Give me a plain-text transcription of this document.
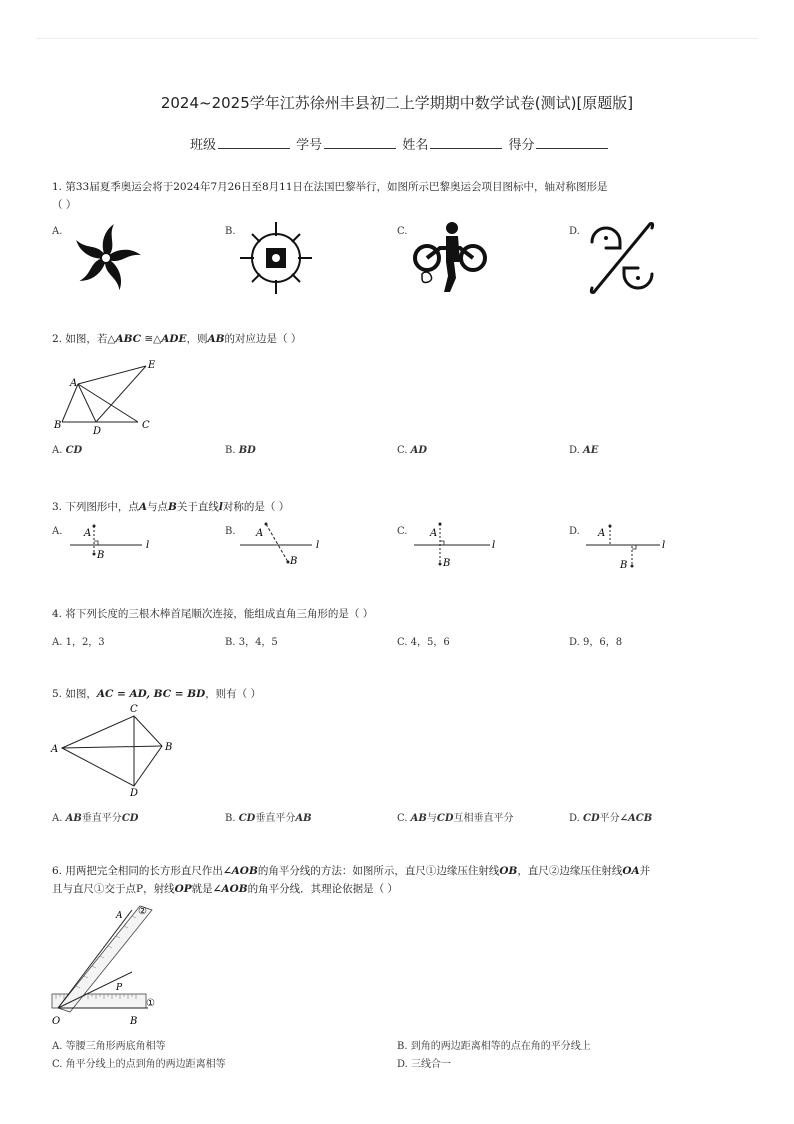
2024~2025学年江苏徐州丰县初二上学期期中数学试卷(测试)[原题版]
班级	学号	姓名	得分
1. 第33届夏季奥运会将于2024年7月26日至8月11日在法国巴黎举行，如图所示巴黎奥运会项目图标中，轴对称图形是
（ ）
A.	B.	C.	D.
2. 如图，若△ABC ≅△ADE，则AB的对应边是（ ）
A
E
B
D
C
A. CD	B. BD	C. AD	D. AE
3. 下列图形中，点A与点B关于直线l对称的是（ ）
A.	B.	C.	D.
A
B
l
A
B
l
A
B
l
A
B
l
4. 将下列长度的三根木棒首尾顺次连接，能组成直角三角形的是（ ）
A. 1，2，3	B. 3，4，5	C. 4，5，6	D. 9，6，8
5. 如图，AC = AD, BC = BD，则有（ ）
A
C
B
D
A. AB垂直平分CD	B. CD垂直平分AB	C. AB与CD互相垂直平分	D. CD平分∠ACB
6. 用两把完全相同的长方形直尺作出∠AOB的角平分线的方法：如图所示，直尺①边缘压住射线OB，直尺②边缘压住射线OA并
且与直尺①交于点P，射线OP就是∠AOB的角平分线．其理论依据是（ ）
A ②
P
①
O	B
A. 等腰三角形两底角相等	B. 到角的两边距离相等的点在角的平分线上
C. 角平分线上的点到角的两边距离相等	D. 三线合一
